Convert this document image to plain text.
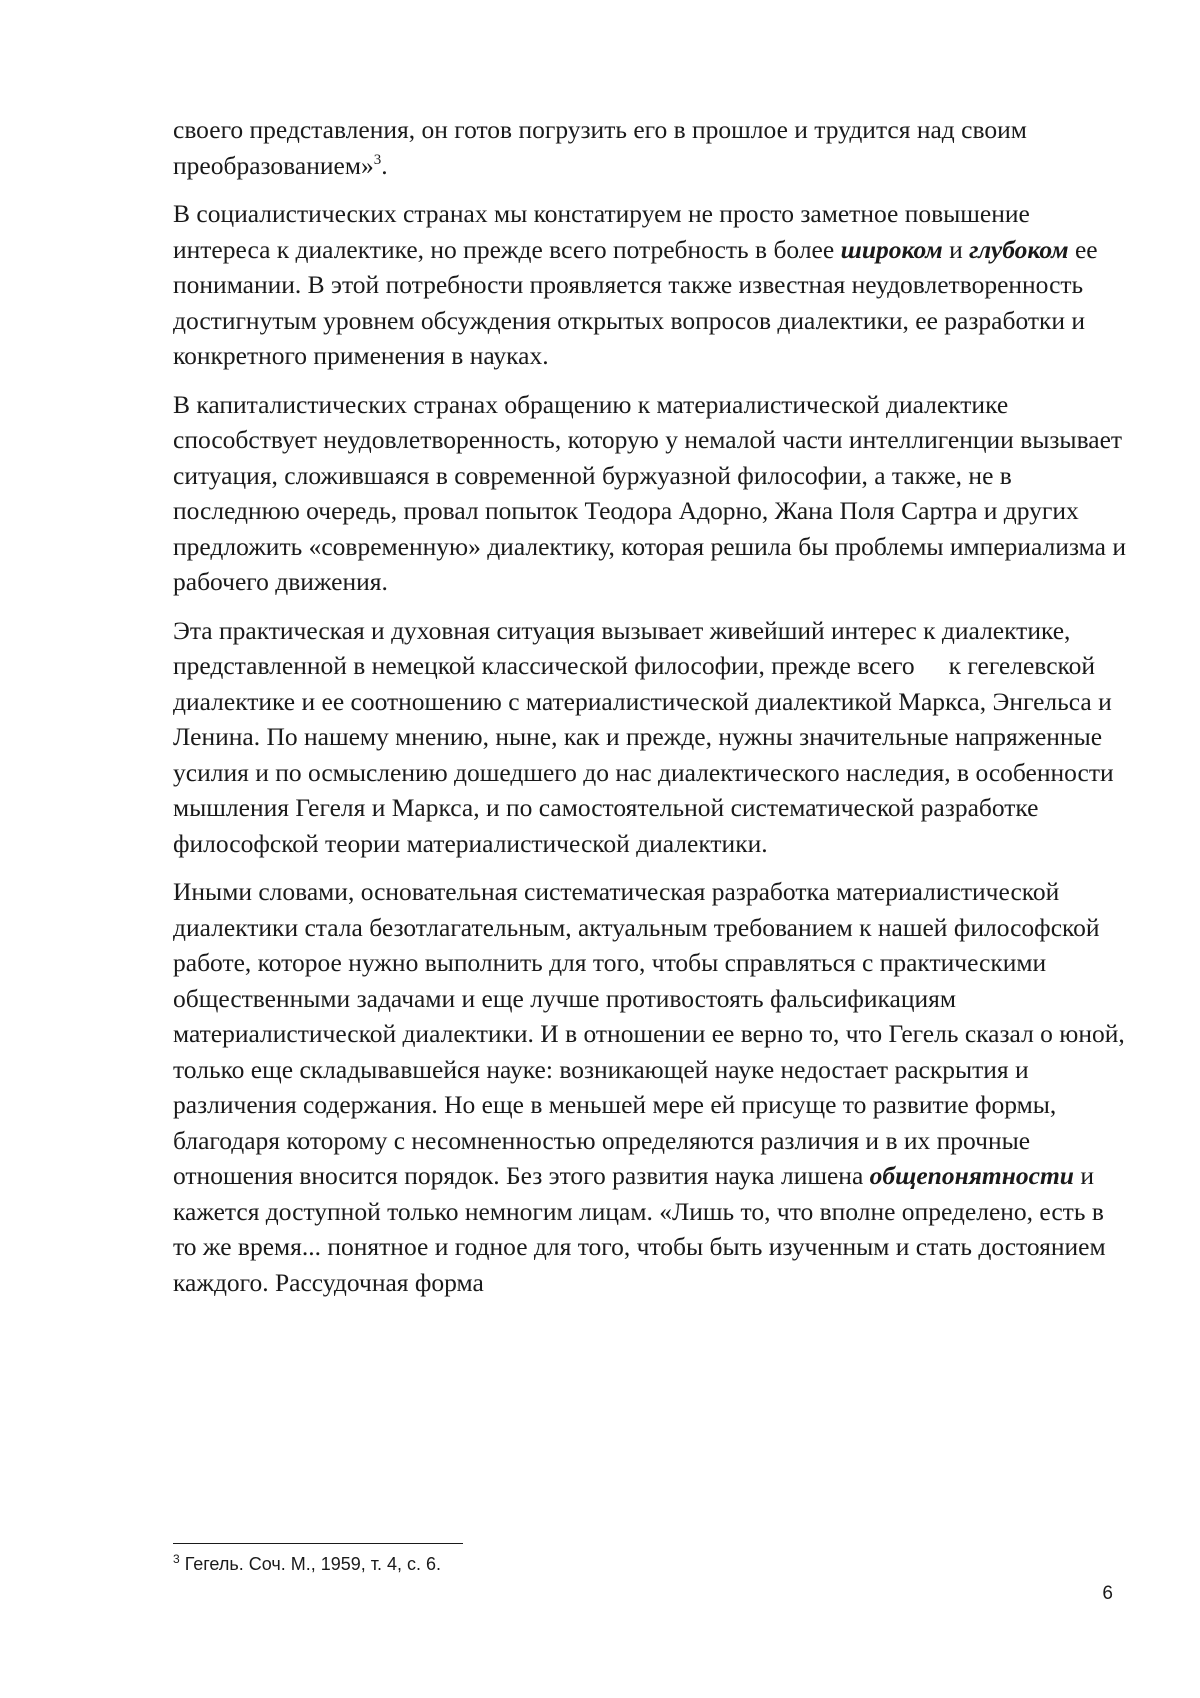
своего представления, он готов погрузить его в прошлое и трудится над своим преобразованием»$^3$.

В социалистических странах мы констатируем не просто заметное повышение интереса к диалектике, но прежде всего потребность в более широком и глубоком ее понимании. В этой потребности проявляется также известная неудовлетворенность достигнутым уровнем обсуждения открытых вопросов диалектики, ее разработки и конкретного применения в науках.

В капиталистических странах обращению к материалистической диалектике способствует неудовлетворенность, которую у немалой части интеллигенции вызывает ситуация, сложившаяся в современной буржуазной философии, а также, не в последнюю очередь, провал попыток Теодора Адорно, Жана Поля Сартра и других предложить «современную» диалектику, которая решила бы проблемы империализма и рабочего движения.

Эта практическая и духовная ситуация вызывает живейший интерес к диалектике, представленной в немецкой классической философии, прежде всего к гегелевской диалектике и ее соотношению с материалистической диалектикой Маркса, Энгельса и Ленина. По нашему мнению, ныне, как и прежде, нужны значительные напряженные усилия и по осмыслению дошедшего до нас диалектического наследия, в особенности мышления Гегеля и Маркса, и по самостоятельной систематической разработке философской теории материалистической диалектики.

Иными словами, основательная систематическая разработка материалистической диалектики стала безотлагательным, актуальным требованием к нашей философской работе, которое нужно выполнить для того, чтобы справляться с практическими общественными задачами и еще лучше противостоять фальсификациям материалистической диалектики. И в отношении ее верно то, что Гегель сказал о юной, только еще складывавшейся науке: возникающей науке недостает раскрытия и различения содержания. Но еще в меньшей мере ей присуще то развитие формы, благодаря которому с несомненностью определяются различия и в их прочные отношения вносится порядок. Без этого развития наука лишена общепонятности и кажется доступной только немногим лицам. «Лишь то, что вполне определено, есть в то же время... понятное и годное для того, чтобы быть изученным и стать достоянием каждого. Рассудочная форма

$^3$ Гегель. Соч. М., 1959, т. 4, с. 6.
6
